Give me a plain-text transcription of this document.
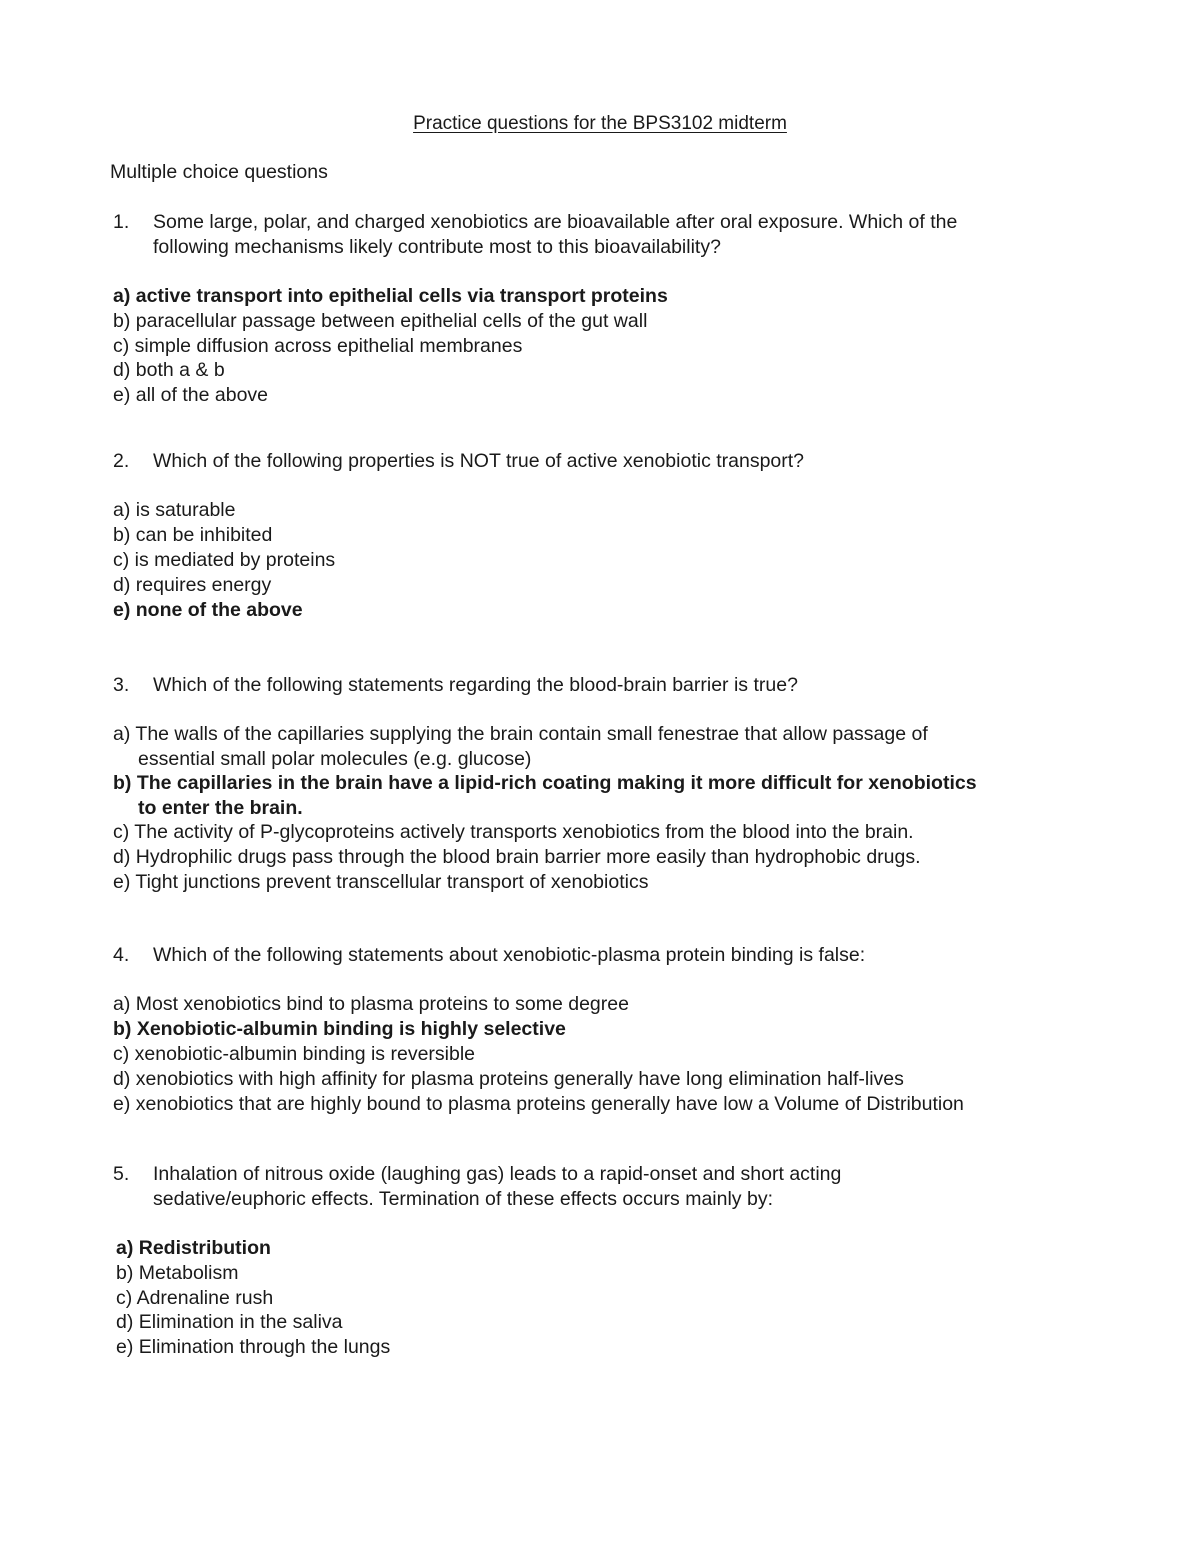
Practice questions for the BPS3102 midterm
Multiple choice questions
1. Some large, polar, and charged xenobiotics are bioavailable after oral exposure. Which of the
following mechanisms likely contribute most to this bioavailability?
a) active transport into epithelial cells via transport proteins
b) paracellular passage between epithelial cells of the gut wall
c) simple diffusion across epithelial membranes
d) both a & b
e) all of the above
2. Which of the following properties is NOT true of active xenobiotic transport?
a) is saturable
b) can be inhibited
c) is mediated by proteins
d) requires energy
e) none of the above
3. Which of the following statements regarding the blood-brain barrier is true?
a) The walls of the capillaries supplying the brain contain small fenestrae that allow passage of
essential small polar molecules (e.g. glucose)
b) The capillaries in the brain have a lipid-rich coating making it more difficult for xenobiotics
to enter the brain.
c) The activity of P-glycoproteins actively transports xenobiotics from the blood into the brain.
d) Hydrophilic drugs pass through the blood brain barrier more easily than hydrophobic drugs.
e) Tight junctions prevent transcellular transport of xenobiotics
4. Which of the following statements about xenobiotic-plasma protein binding is false:
a) Most xenobiotics bind to plasma proteins to some degree
b) Xenobiotic-albumin binding is highly selective
c) xenobiotic-albumin binding is reversible
d) xenobiotics with high affinity for plasma proteins generally have long elimination half-lives
e) xenobiotics that are highly bound to plasma proteins generally have low a Volume of Distribution
5. Inhalation of nitrous oxide (laughing gas) leads to a rapid-onset and short acting
sedative/euphoric effects. Termination of these effects occurs mainly by:
a) Redistribution
b) Metabolism
c) Adrenaline rush
d) Elimination in the saliva
e) Elimination through the lungs
